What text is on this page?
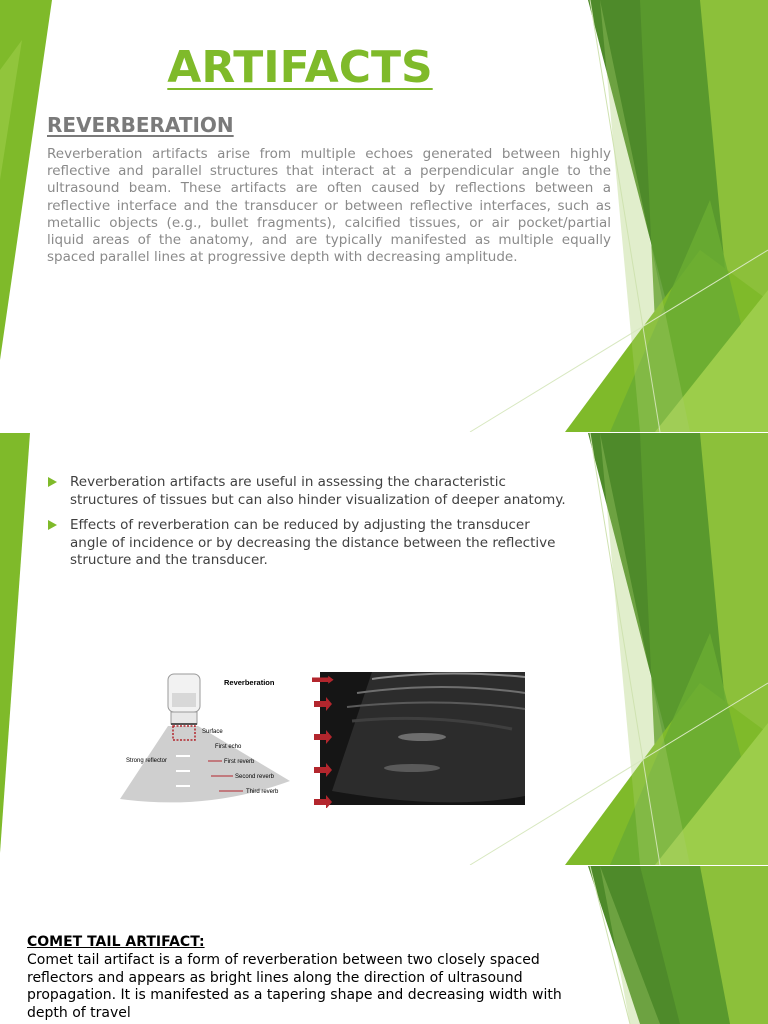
ARTIFACTS
REVERBERATION
Reverberation artifacts arise from multiple echoes generated between highly reflective and parallel structures that interact at a perpendicular angle to the ultrasound beam. These artifacts are often caused by reflections between a reflective interface and the transducer or between reflective interfaces, such as metallic objects (e.g., bullet fragments), calcified tissues, or air pocket/partial liquid areas of the anatomy, and are typically manifested as multiple equally spaced parallel lines at progressive depth with decreasing amplitude.
Reverberation artifacts are useful in assessing the characteristic structures of tissues but can also hinder visualization of deeper anatomy.
Effects of reverberation can be reduced by adjusting the transducer angle of incidence or by decreasing the distance between the reflective structure and the transducer.
Reverberation
Strong reflector
Surface
First echo
First reverb
Second reverb
Third reverb
COMET TAIL ARTIFACT:
Comet tail artifact is a form of reverberation between two closely spaced reflectors and appears as bright lines along the direction of ultrasound propagation. It is manifested as a tapering shape and decreasing width with depth of travel
